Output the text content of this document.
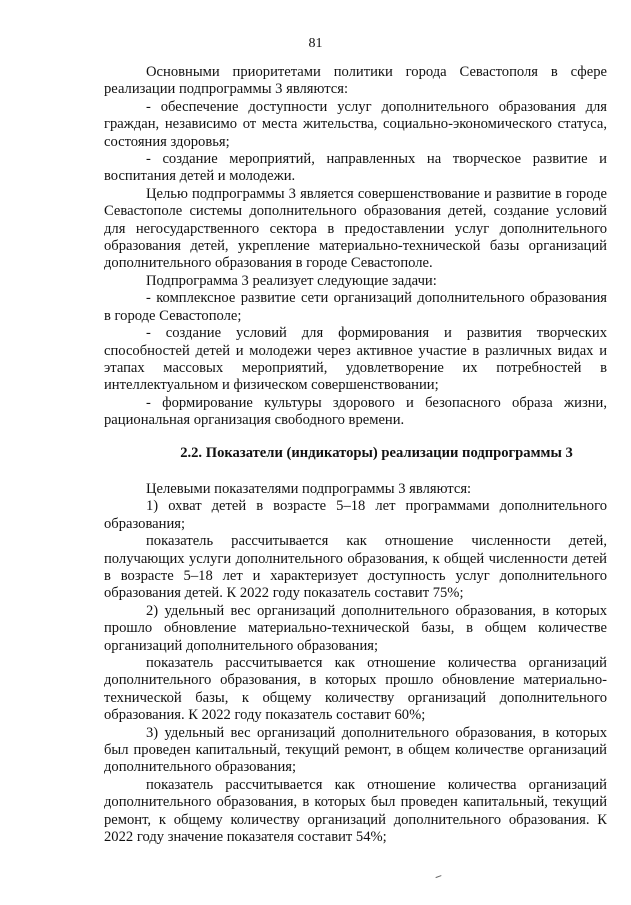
81

Основными приоритетами политики города Севастополя в сфере реализации подпрограммы 3 являются:

- обеспечение доступности услуг дополнительного образования для граждан, независимо от места жительства, социально-экономического статуса, состояния здоровья;

- создание мероприятий, направленных на творческое развитие и воспитания детей и молодежи.

Целью подпрограммы 3 является совершенствование и развитие в городе Севастополе системы дополнительного образования детей, создание условий для негосударственного сектора в предоставлении услуг дополнительного образования детей, укрепление материально-технической базы организаций дополнительного образования в городе Севастополе.

Подпрограмма 3 реализует следующие задачи:

- комплексное развитие сети организаций дополнительного образования в городе Севастополе;

- создание условий для формирования и развития творческих способностей детей и молодежи через активное участие в различных видах и этапах массовых мероприятий, удовлетворение их потребностей в интеллектуальном и физическом совершенствовании;

- формирование культуры здорового и безопасного образа жизни, рациональная организация свободного времени.

2.2. Показатели (индикаторы) реализации подпрограммы 3

Целевыми показателями подпрограммы 3 являются:

1) охват детей в возрасте 5–18 лет программами дополнительного образования;

показатель рассчитывается как отношение численности детей, получающих услуги дополнительного образования, к общей численности детей в возрасте 5–18 лет и характеризует доступность услуг дополнительного образования детей. К 2022 году показатель составит 75%;

2) удельный вес организаций дополнительного образования, в которых прошло обновление материально-технической базы, в общем количестве организаций дополнительного образования;

показатель рассчитывается как отношение количества организаций дополнительного образования, в которых прошло обновление материально-технической базы, к общему количеству организаций дополнительного образования. К 2022 году показатель составит 60%;

3) удельный вес организаций дополнительного образования, в которых был проведен капитальный, текущий ремонт, в общем количестве организаций дополнительного образования;

показатель рассчитывается как отношение количества организаций дополнительного образования, в которых был проведен капитальный, текущий ремонт, к общему количеству организаций дополнительного образования. К 2022 году значение показателя составит 54%;
